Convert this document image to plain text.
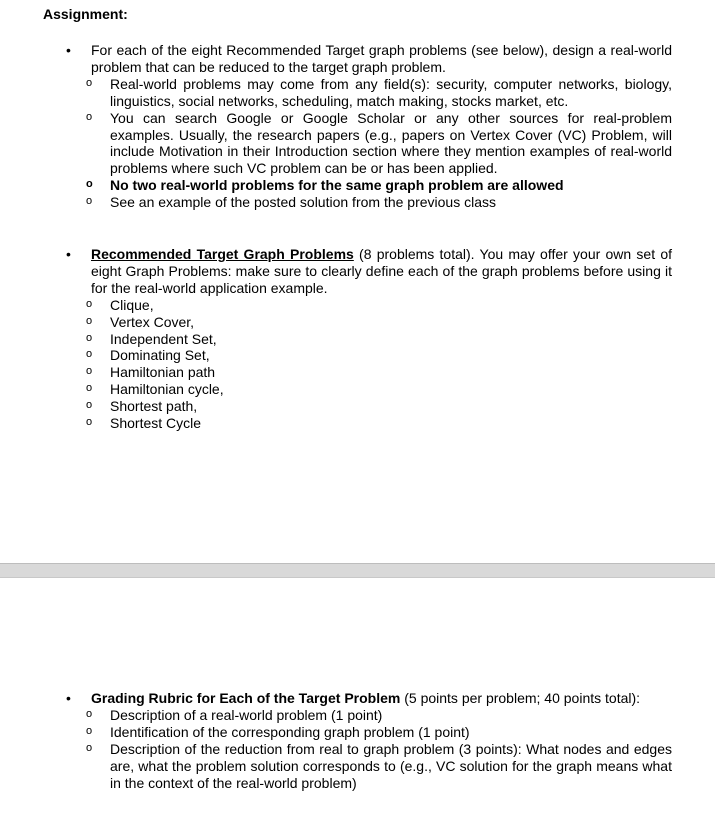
Assignment:
• For each of the eight Recommended Target graph problems (see below), design a real-world problem that can be reduced to the target graph problem.
o Real-world problems may come from any field(s): security, computer networks, biology, linguistics, social networks, scheduling, match making, stocks market, etc.
o You can search Google or Google Scholar or any other sources for real-problem examples. Usually, the research papers (e.g., papers on Vertex Cover (VC) Problem, will include Motivation in their Introduction section where they mention examples of real-world problems where such VC problem can be or has been applied.
o No two real-world problems for the same graph problem are allowed
o See an example of the posted solution from the previous class
• Recommended Target Graph Problems (8 problems total). You may offer your own set of eight Graph Problems: make sure to clearly define each of the graph problems before using it for the real-world application example.
o Clique,
o Vertex Cover,
o Independent Set,
o Dominating Set,
o Hamiltonian path
o Hamiltonian cycle,
o Shortest path,
o Shortest Cycle
• Grading Rubric for Each of the Target Problem (5 points per problem; 40 points total):
o Description of a real-world problem (1 point)
o Identification of the corresponding graph problem (1 point)
o Description of the reduction from real to graph problem (3 points): What nodes and edges are, what the problem solution corresponds to (e.g., VC solution for the graph means what in the context of the real-world problem)
